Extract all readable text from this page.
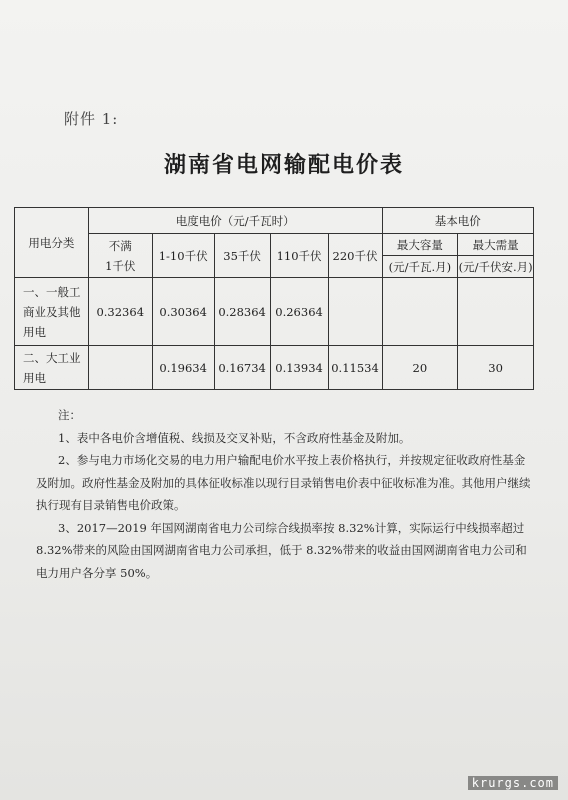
附件 1:
湖南省电网输配电价表
用电分类	电度电价（元/千瓦时）					基本电价	
	不满
1千伏	1-10千伏	35千伏	110千伏	220千伏	最大容量	最大需量
						(元/千瓦.月)	(元/千伏安.月)
一、一般工商业及其他用电	0.32364	0.30364	0.28364	0.26364			
二、大工业用电		0.19634	0.16734	0.13934	0.11534	20	30

注：

1、表中各电价含增值税、线损及交叉补贴，不含政府性基金及附加。

2、参与电力市场化交易的电力用户输配电价水平按上表价格执行，并按规定征收政府性基金及附加。政府性基金及附加的具体征收标准以现行目录销售电价表中征收标准为准。其他用户继续执行现有目录销售电价政策。

3、2017—2019 年国网湖南省电力公司综合线损率按 8.32%计算，实际运行中线损率超过 8.32%带来的风险由国网湖南省电力公司承担，低于 8.32%带来的收益由国网湖南省电力公司和电力用户各分享 50%。

krurgs.com
